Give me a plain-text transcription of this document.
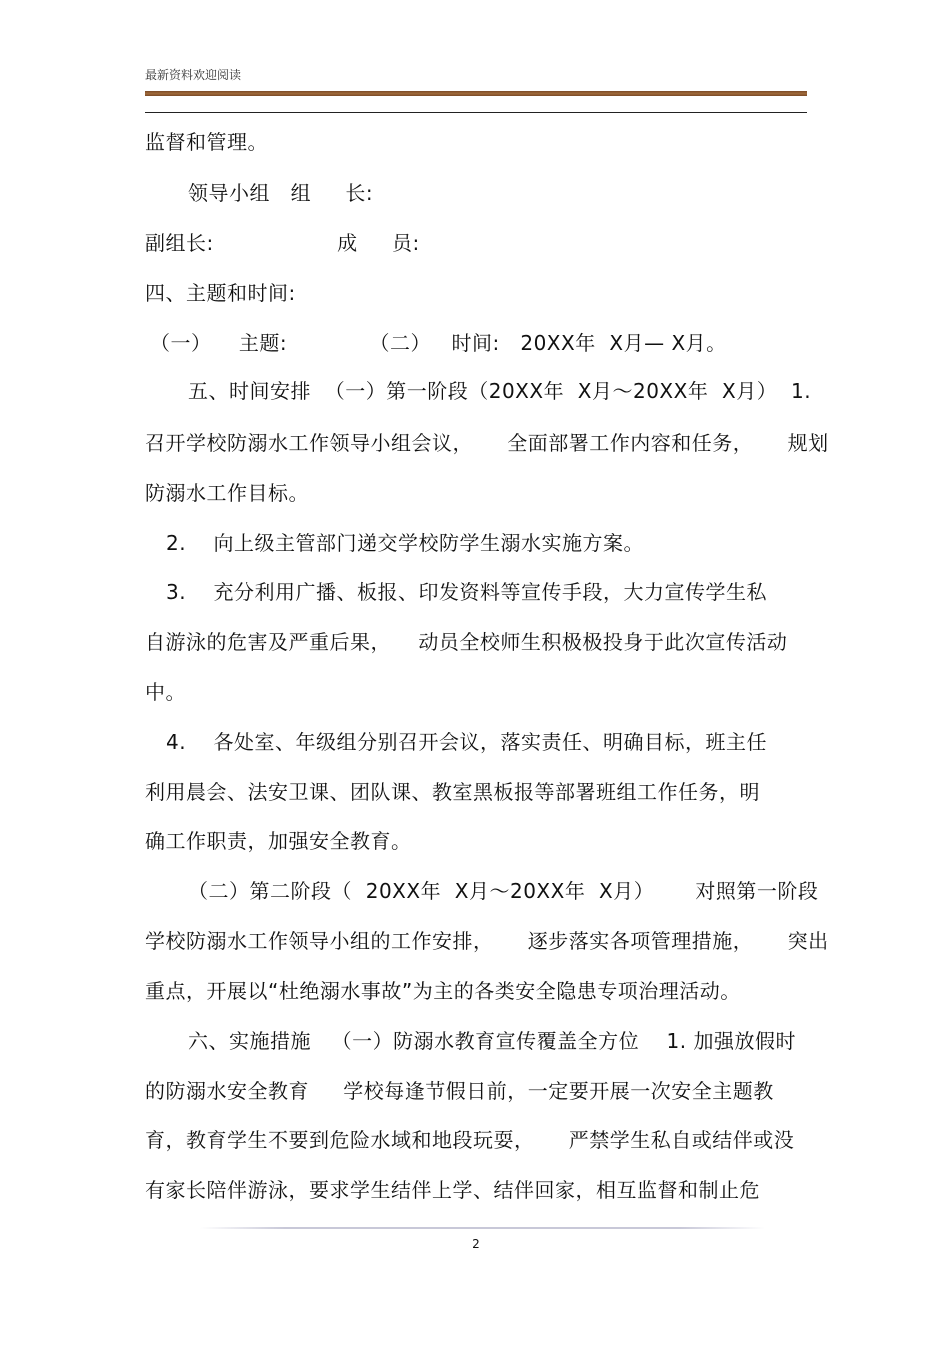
最新资料欢迎阅读
监督和管理。
领导小组   组     长:
副组长:                  成     员:
四、主题和时间:
（一）    主题:            （二）   时间:   20XX年  X月— X月。
五、时间安排  （一）第一阶段（20XX年  X月～20XX年  X月）  1.
召开学校防溺水工作领导小组会议，     全面部署工作内容和任务，     规划
防溺水工作目标。
2.    向上级主管部门递交学校防学生溺水实施方案。
3.    充分利用广播、板报、印发资料等宣传手段，大力宣传学生私
自游泳的危害及严重后果，    动员全校师生积极极投身于此次宣传活动
中。
4.    各处室、年级组分别召开会议，落实责任、明确目标，班主任
利用晨会、法安卫课、团队课、教室黑板报等部署班组工作任务，明
确工作职责，加强安全教育。
（二）第二阶段（  20XX年  X月～20XX年  X月）      对照第一阶段
学校防溺水工作领导小组的工作安排，     逐步落实各项管理措施，     突出
重点，开展以“杜绝溺水事故”为主的各类安全隐患专项治理活动。
六、实施措施   （一）防溺水教育宣传覆盖全方位    1. 加强放假时
的防溺水安全教育     学校每逢节假日前，一定要开展一次安全主题教
育，教育学生不要到危险水域和地段玩耍，     严禁学生私自或结伴或没
有家长陪伴游泳，要求学生结伴上学、结伴回家，相互监督和制止危
2
